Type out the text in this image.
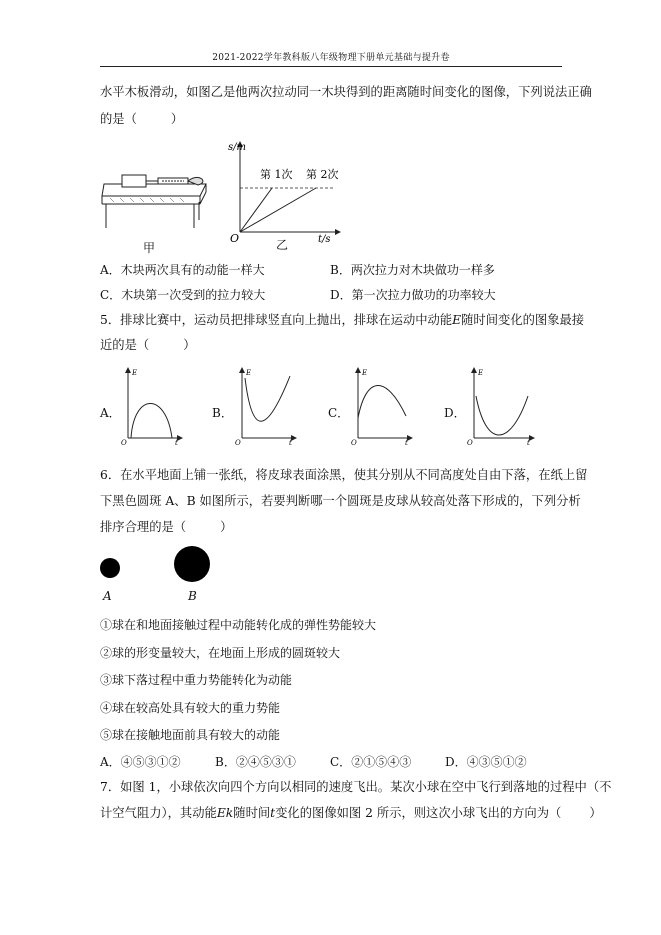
2021-2022学年教科版八年级物理下册单元基础与提升卷
水平木板滑动，如图乙是他两次拉动同一木块得到的距离随时间变化的图像，下列说法正确
的是（	）
甲
s/m
O	t/s
第 1次 第 2次
乙
A．木块两次具有的动能一样大	B．两次拉力对木块做功一样多
C．木块第一次受到的拉力较大	D．第一次拉力做功的功率较大
5．排球比赛中，运动员把排球竖直向上抛出，排球在运动中动能E随时间变化的图象最接
近的是（	）
A．
E
O	t
B．
E
O	t
C．
E
O	t
D．
E
O	t
6．在水平地面上铺一张纸，将皮球表面涂黑，使其分别从不同高度处自由下落，在纸上留
下黑色圆斑 A、B 如图所示，若要判断哪一个圆斑是皮球从较高处落下形成的，下列分析
排序合理的是（	）
A	B
①球在和地面接触过程中动能转化成的弹性势能较大
②球的形变量较大，在地面上形成的圆斑较大
③球下落过程中重力势能转化为动能
④球在较高处具有较大的重力势能
⑤球在接触地面前具有较大的动能
A．④⑤③①②	B．②④⑤③①	C．②①⑤④③	D．④③⑤①②
7．如图 1，小球依次向四个方向以相同的速度飞出。某次小球在空中飞行到落地的过程中（不
计空气阻力），其动能Ek随时间t变化的图像如图 2 所示，则这次小球飞出的方向为（ ）
